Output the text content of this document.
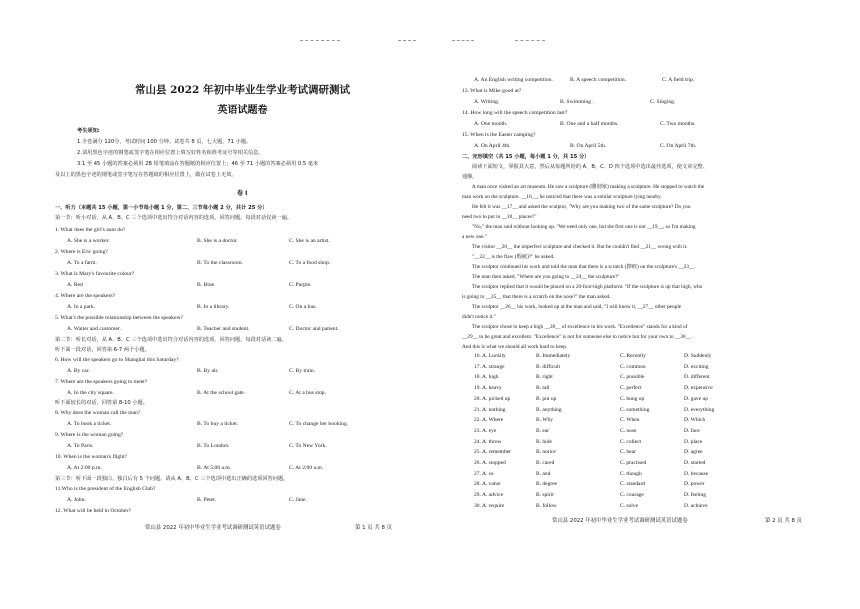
常山县 2022 年初中毕业生学业考试调研测试
英语试题卷
考生须知:
1.全卷满分 120分，考试时间 100 分钟。试卷共 8 页，七大题，71 小题。
2.请用黑色字迹的钢笔或签字笔在相应位置上填写好姓名和准考证号等相关信息。
3.1 至 45 小题的答案必须用 2B 铅笔填涂在答题纸的相应位置上；46 至 71 小题的答案必须用 0.5 毫米
及以上的黑色字迹的钢笔或签字笔写在答题纸的相应位置上，做在试卷上无效。
卷 I
一、听力（本题共 15 小题，第一小节每小题 1 分，第二、三节每小题 2 分，共计 25 分）
第一节：听小对话，从 A、B、C 三个选项中选出符合对话内容的选项，回答问题。每段对话仅读一遍。
1. What does the girl's aunt do?
A. She is a worker.	B. She is a doctor.	C. She is an artist.
2. Where is Eric going?
A. To a farm.	B. To the classroom.	C. To a food shop.
3. What is Mary's favourite colour?
A. Red	B. Blue.	C. Purple.
4. Where are the speakers?
A. In a park.	B. In a library.	C. On a bus.
5. What's the possible relationship between the speakers?
A. Waiter and customer.	B. Teacher and student.	C. Doctor and patient.
第二节：听长对话，从 A、B、C 三个选项中选出符合对话内容的选项，回答问题。每段对话读二遍。
听下面一段对话，回答第 6-7 两个小题。
6. How will the speakers go to Shanghai this Saturday?
A. By car.	B. By air.	C. By train.
7. Where are the speakers going to meet?
A. In the city square.	B. At the school gate.	C. At a bus stop.
听下面较长的对话，回答第 8-10 小题。
8. Why does the woman call the man?
A. To book a ticket.	B. To buy a ticket.	C. To change her booking.
9. Where is the woman going?
A. To Paris.	B. To London.	C. To New York.
10. When is the woman's flight?
A. At 2:00 p.m.	B. At 5:00 a.m.	C. At 2:00 a.m.
第三节：听下面一段独白，独白后有 5 个问题。请从 A、B、C 三个选项中选出正确的选项回答问题。
11.Who is the president of the English Club?
A. John.	B. Peter.	C. Jane.
12. What will be held in October?
常山县 2022 年初中毕业生学业考试调研测试英语试题卷	第 1 页 共 8 页
A. An English writing competition.	B. A speech competition.	C. A field trip.
13. What is Mike good at?
A. Writing.	B. Swimming .	C. Singing.
14. How long will the speech competition last?
A. One month.	B. One and a half months.	C. Two months.
15. When is the Easter camping?
A. On April 4th.	B. On April 5th.	C. On April 7th.
二、完形填空（共 15 小题，每小题 1 分，共 15 分）
阅读下面短文，掌握其大意，然后从每题所给的 A、B、C、D 四个选项中选出最佳选项，使文章完整、
通顺。
A man once visited an art museum. He saw a sculpture (雕刻家) making a sculpture. He stopped to watch the
man work on the sculpture. __16__, he noticed that there was a similar sculpture lying nearby.
He felt it was __17__ and asked the sculptor, "Why are you making two of the same sculpture? Do you
need two to put in __18__ places?"
"No," the man said without looking up. "We need only one, but the first one is not __19__, so I'm making
a new one."
The visitor __20__ the imperfect sculpture and checked it. But he couldn't find __21__ wrong with it.
"__22__ is the flaw (瑕疵)?" he asked.
The sculptor continued his work and told the man that there is a scratch (擦痕) on the sculpture's __23__.
The man then asked, "Where are you going to __24__ the sculpture?"
The sculptor replied that it would be placed on a 20-foot-high platform. "If the sculpture is up that high, who
is going to __25__ that there is a scratch on the nose?" the man asked.
The sculptor __26__ his work, looked up at the man and said, "I will know it, __27__ other people
didn't notice it."
The sculptor chose to keep a high __28__ of excellence in his work. "Excellence" stands for a kind of
__29__ to be great and excellent. "Excellence" is not for someone else to notice but for your own to __30__.
And this is what we should all work hard to keep.
16. A. Luckily	B. Immediately	C. Recently	D. Suddenly
17. A. strange	B. difficult	C. common	D. exciting
18. A. high	B. right	C. possible	D. different
19. A. heavy	B. tall	C. perfect	D. expensive
20. A. picked up	B. put up	C. hung up	D. gave up
21. A. nothing	B. anything	C. something	D. everything
22. A. Where	B. Why	C. When	D. Which
23. A. eye	B. ear	C. nose	D. face
24. A. throw	B. hide	C. collect	D. place
25. A. remember	B. notice	C. hear	D. agree
26. A. stopped	B. cared	C. practised	D. started
27. A. so	B. and	C. though	D. because
28. A. value	B. degree	C. standard	D. power
29. A. advice	B. spirit	C. courage	D. feeling
30. A. require	B. follow	C. solve	D. achieve
常山县 2022 年初中毕业生学业考试调研测试英语试题卷	第 2 页 共 8 页
